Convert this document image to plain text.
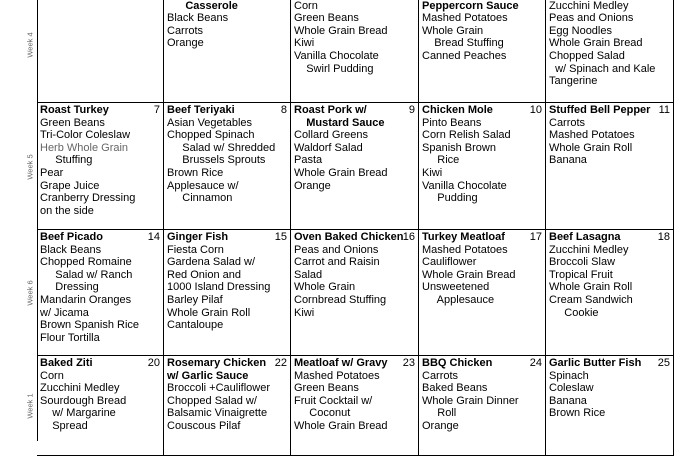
Week 4

Casserole
Black Beans
Carrots
Orange
Corn
Green Beans
Whole Grain Bread
Kiwi
Vanilla Chocolate
Swirl Pudding

Peppercorn Sauce
Mashed Potatoes
Whole Grain
Bread Stuffing
Canned Peaches
Zucchini Medley
Peas and Onions
Egg Noodles
Whole Grain Bread
Chopped Salad
w/ Spinach and Kale
Tangerine
Week 5
7
Roast Turkey
Green Beans
Tri-Color Coleslaw
Herb Whole Grain
Stuffing
Pear
Grape Juice
Cranberry Dressing
on the side
8
Beef Teriyaki
Asian Vegetables
Chopped Spinach
Salad w/ Shredded
Brussels Sprouts
Brown Rice
Applesauce w/
Cinnamon
9
Roast Pork w/
Mustard Sauce
Collard Greens
Waldorf Salad
Pasta
Whole Grain Bread
Orange
10
Chicken Mole
Pinto Beans
Corn Relish Salad
Spanish Brown
Rice
Kiwi
Vanilla Chocolate
Pudding
11
Stuffed Bell Pepper
Carrots
Mashed Potatoes
Whole Grain Roll
Banana
Week 6
14
Beef Picado
Black Beans
Chopped Romaine
Salad w/ Ranch
Dressing
Mandarin Oranges
w/ Jicama
Brown Spanish Rice
Flour Tortilla
15
Ginger Fish
Fiesta Corn
Gardena Salad w/
Red Onion and
1000 Island Dressing
Barley Pilaf
Whole Grain Roll
Cantaloupe
16
Oven Baked Chicken
Peas and Onions
Carrot and Raisin
Salad
Whole Grain
Cornbread Stuffing
Kiwi
17
Turkey Meatloaf
Mashed Potatoes
Cauliflower
Whole Grain Bread
Unsweetened
Applesauce
18
Beef Lasagna
Zucchini Medley
Broccoli Slaw
Tropical Fruit
Whole Grain Roll
Cream Sandwich
Cookie
Week 1
20
Baked Ziti
Corn
Zucchini Medley
Sourdough Bread
w/ Margarine
Spread
22
Rosemary Chicken
w/ Garlic Sauce
Broccoli +Cauliflower
Chopped Salad w/
Balsamic Vinaigrette
Couscous Pilaf
23
Meatloaf w/ Gravy
Mashed Potatoes
Green Beans
Fruit Cocktail w/
Coconut
Whole Grain Bread
24
BBQ Chicken
Carrots
Baked Beans
Whole Grain Dinner
Roll
Orange
25
Garlic Butter Fish
Spinach
Coleslaw
Banana
Brown Rice
